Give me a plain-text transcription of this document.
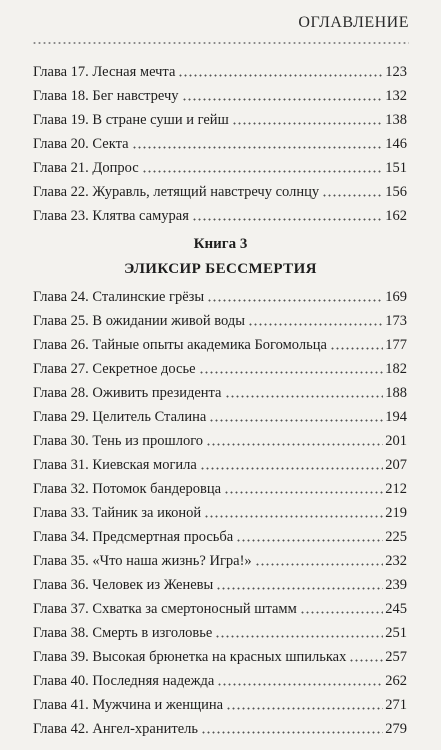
ОГЛАВЛЕНИЕ
Глава 17. Лесная мечта	123
Глава 18. Бег навстречу	132
Глава 19. В стране суши и гейш	138
Глава 20. Секта	146
Глава 21. Допрос	151
Глава 22. Журавль, летящий навстречу солнцу	156
Глава 23. Клятва самурая	162
Книга 3
ЭЛИКСИР БЕССМЕРТИЯ
Глава 24. Сталинские грёзы	169
Глава 25. В ожидании живой воды	173
Глава 26. Тайные опыты академика Богомольца	177
Глава 27. Секретное досье	182
Глава 28. Оживить президента	188
Глава 29. Целитель Сталина	194
Глава 30. Тень из прошлого	201
Глава 31. Киевская могила	207
Глава 32. Потомок бандеровца	212
Глава 33. Тайник за иконой	219
Глава 34. Предсмертная просьба	225
Глава 35. «Что наша жизнь? Игра!»	232
Глава 36. Человек из Женевы	239
Глава 37. Схватка за смертоносный штамм	245
Глава 38. Смерть в изголовье	251
Глава 39. Высокая брюнетка на красных шпильках	257
Глава 40. Последняя надежда	262
Глава 41. Мужчина и женщина	271
Глава 42. Ангел-хранитель	279
